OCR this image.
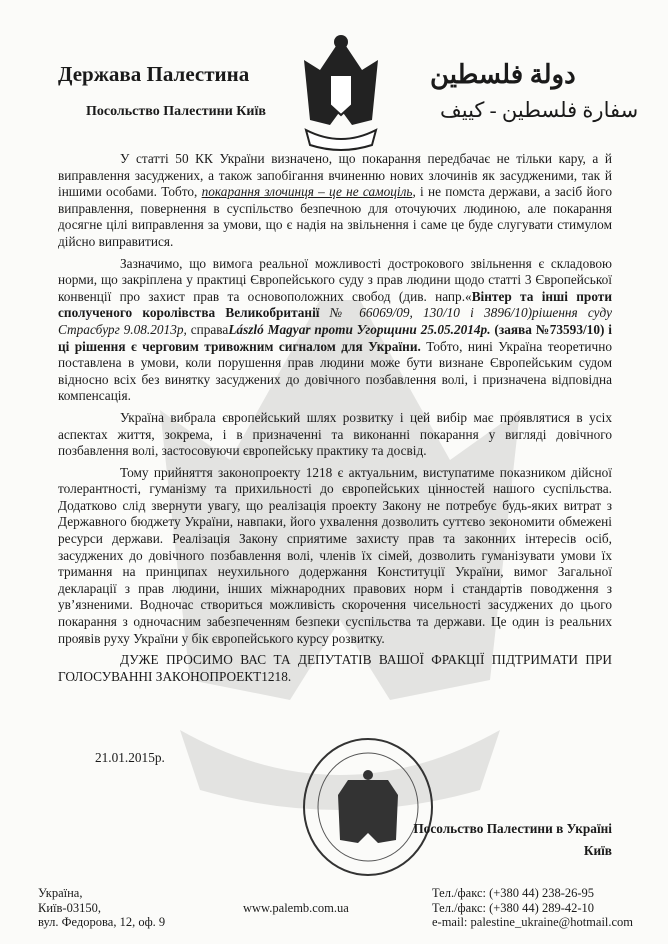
Держава Палестина
Посольство Палестини Київ
دولة فلسطين
سفارة فلسطين - كييف

У статті 50 КК України визначено, що покарання передбачає не тільки кару, а й виправлення засуджених, а також запобігання вчиненню нових злочинів як засудженими, так й іншими особами. Тобто, покарання злочинця – це не самоціль, і не помста держави, а засіб його виправлення, повернення в суспільство безпечною для оточуючих людиною, але покарання досягне цілі виправлення за умови, що є надія на звільнення і саме це буде слугувати стимулом дійсно виправитися.

Зазначимо, що вимога реальної можливості дострокового звільнення є складовою норми, що закріплена у практиці Європейського суду з прав людини щодо статті 3 Європейської конвенції про захист прав та основоположних свобод (див. напр.«Вінтер та інші проти сполученого королівства Великобританії № 66069/09, 130/10 і 3896/10)рішення суду Страсбург 9.08.2013р, справаLászló Magyar проти Угорщини 25.05.2014р. (заява №73593/10) і ці рішення є черговим тривожним сигналом для України. Тобто, нині Україна теоретично поставлена в умови, коли порушення прав людини може бути визнане Європейським судом відносно всіх без винятку засуджених до довічного позбавлення волі, і призначена відповідна компенсація.

Україна вибрала європейський шлях розвитку і цей вибір має проявлятися в усіх аспектах життя, зокрема, і в призначенні та виконанні покарання у вигляді довічного позбавлення волі, застосовуючи європейську практику та досвід.

Тому прийняття законопроекту 1218 є актуальним, виступатиме показником дійсної толерантності, гуманізму та прихильності до європейських цінностей нашого суспільства. Додатково слід звернути увагу, що реалізація проекту Закону не потребує будь-яких витрат з Державного бюджету України, навпаки, його ухвалення дозволить суттєво зекономити обмежені ресурси держави. Реалізація Закону сприятиме захисту прав та законних інтересів осіб, засуджених до довічного позбавлення волі, членів їх сімей, дозволить гуманізувати умови їх тримання на принципах неухильного додержання Конституції України, вимог Загальної декларації з прав людини, інших міжнародних правових норм і стандартів поводження з ув’язненими. Водночас створиться можливість скорочення чисельності засуджених до цього покарання з одночасним забезпеченням безпеки суспільства та держави. Це один із реальних проявів руху України у бік європейського курсу розвитку.

ДУЖЕ ПРОСИМО ВАС ТА ДЕПУТАТІВ ВАШОЇ ФРАКЦІЇ ПІДТРИМАТИ ПРИ ГОЛОСУВАННІ ЗАКОНОПРОЕКТ1218.

21.01.2015р.
Посольство Палестини в Україні
Київ
Україна,
Київ-03150,
вул. Федорова, 12, оф. 9
www.palemb.com.ua
Тел./факс: (+380 44) 238-26-95
Тел./факс: (+380 44) 289-42-10
e-mail: palestine_ukraine@hotmail.com
